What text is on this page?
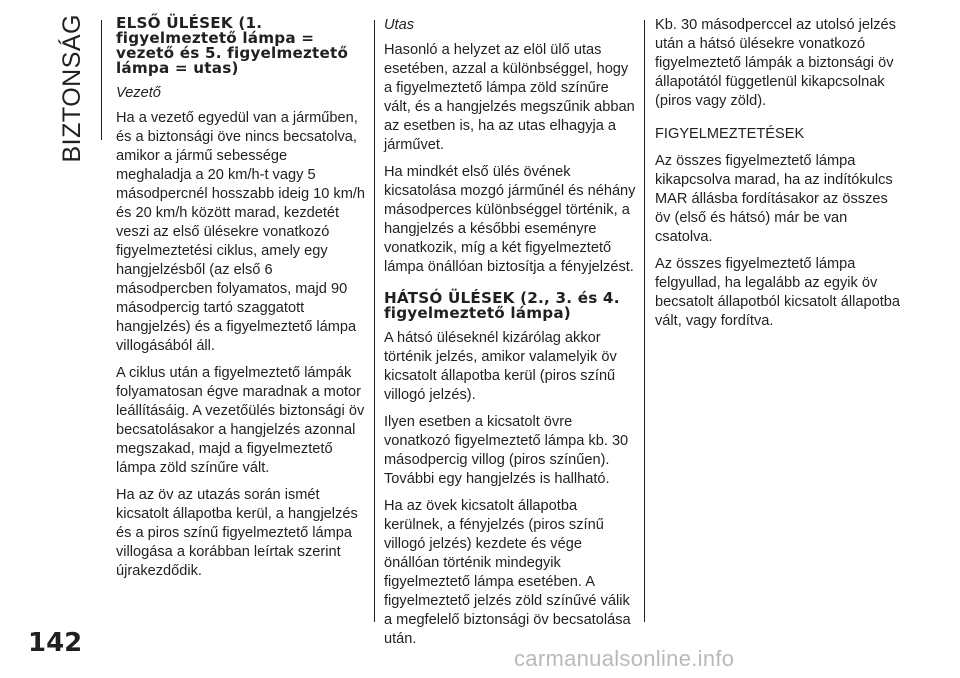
BIZTONSÁG ELSŐ ÜLÉSEK (1. figyelmeztető lámpa = vezető és 5. figyelmeztető lámpa = utas)

Vezető

Ha a vezető egyedül van a járműben, és a biztonsági öve nincs becsatolva, amikor a jármű sebessége meghaladja a 20 km/h-t vagy 5 másodpercnél hosszabb ideig 10 km/h és 20 km/h között marad, kezdetét veszi az első ülésekre vonatkozó figyelmeztetési ciklus, amely egy hangjelzésből (az első 6 másodpercben folyamatos, majd 90 másodpercig tartó szaggatott hangjelzés) és a figyelmeztető lámpa villogásából áll.

A ciklus után a figyelmeztető lámpák folyamatosan égve maradnak a motor leállításáig. A vezetőülés biztonsági öv becsatolásakor a hangjelzés azonnal megszakad, majd a figyelmeztető lámpa zöld színűre vált.

Ha az öv az utazás során ismét kicsatolt állapotba kerül, a hangjelzés és a piros színű figyelmeztető lámpa villogása a korábban leírtak szerint újrakezdődik.

Utas

Hasonló a helyzet az elöl ülő utas esetében, azzal a különbséggel, hogy a figyelmeztető lámpa zöld színűre vált, és a hangjelzés megszűnik abban az esetben is, ha az utas elhagyja a járművet.

Ha mindkét első ülés övének kicsatolása mozgó járműnél és néhány másodperces különbséggel történik, a hangjelzés a későbbi eseményre vonatkozik, míg a két figyelmeztető lámpa önállóan biztosítja a fényjelzést.

HÁTSÓ ÜLÉSEK (2., 3. és 4. figyelmeztető lámpa)

A hátsó üléseknél kizárólag akkor történik jelzés, amikor valamelyik öv kicsatolt állapotba kerül (piros színű villogó jelzés).

Ilyen esetben a kicsatolt övre vonatkozó figyelmeztető lámpa kb. 30 másodpercig villog (piros színűen). További egy hangjelzés is hallható.

Ha az övek kicsatolt állapotba kerülnek, a fényjelzés (piros színű villogó jelzés) kezdete és vége önállóan történik mindegyik figyelmeztető lámpa esetében. A figyelmeztető jelzés zöld színűvé válik a megfelelő biztonsági öv becsatolása után.

Kb. 30 másodperccel az utolsó jelzés után a hátsó ülésekre vonatkozó figyelmeztető lámpák a biztonsági öv állapotától függetlenül kikapcsolnak (piros vagy zöld).

FIGYELMEZTETÉSEK

Az összes figyelmeztető lámpa kikapcsolva marad, ha az indítókulcs MAR állásba fordításakor az összes öv (első és hátsó) már be van csatolva.

Az összes figyelmeztető lámpa felgyullad, ha legalább az egyik öv becsatolt állapotból kicsatolt állapotba vált, vagy fordítva.

142
carmanualsonline.info
